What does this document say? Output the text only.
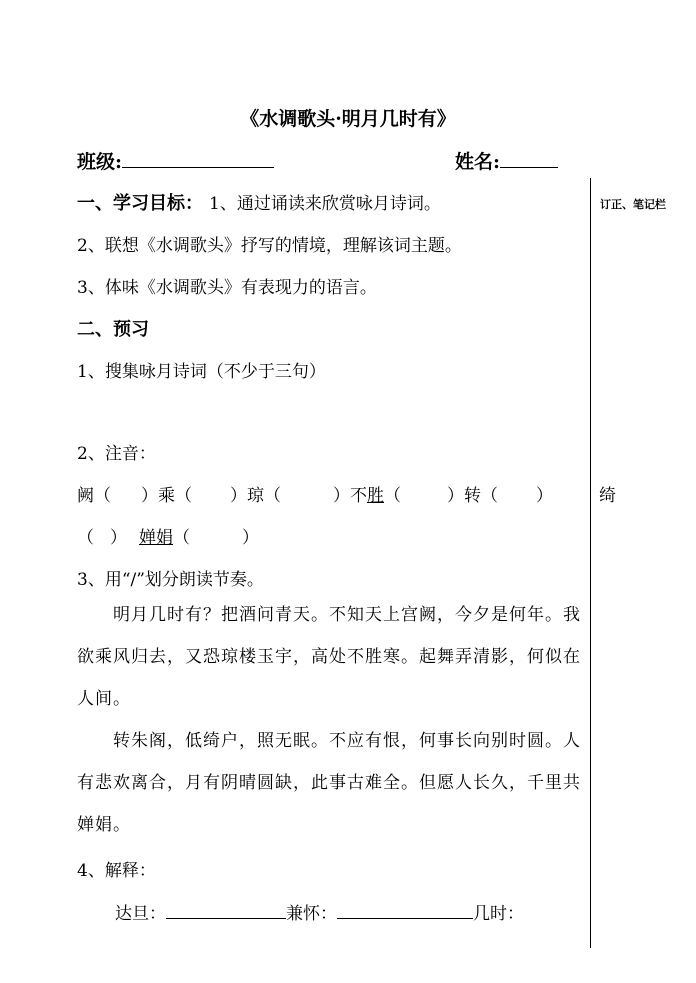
《水调歌头·明月几时有》
班级:	姓名:
订正、笔记栏
一、学习目标： 1、通过诵读来欣赏咏月诗词。
2、联想《水调歌头》抒写的情境，理解该词主题。
3、体味《水调歌头》有表现力的语言。
二、预习
1、搜集咏月诗词（不少于三句）
2、注音：
阙（ ）乘（ ）琼（	）不胜（	）转（ ）	绮
（ ） 婵娟（	）
3、用“/”划分朗读节奏。
明月几时有？把酒问青天。不知天上宫阙，今夕是何年。我欲乘风归去，又恐琼楼玉宇，高处不胜寒。起舞弄清影，何似在人间。
转朱阁，低绮户，照无眠。不应有恨，何事长向别时圆。人有悲欢离合，月有阴晴圆缺，此事古难全。但愿人长久，千里共婵娟。
4、解释：
达旦：	兼怀：	几时：
